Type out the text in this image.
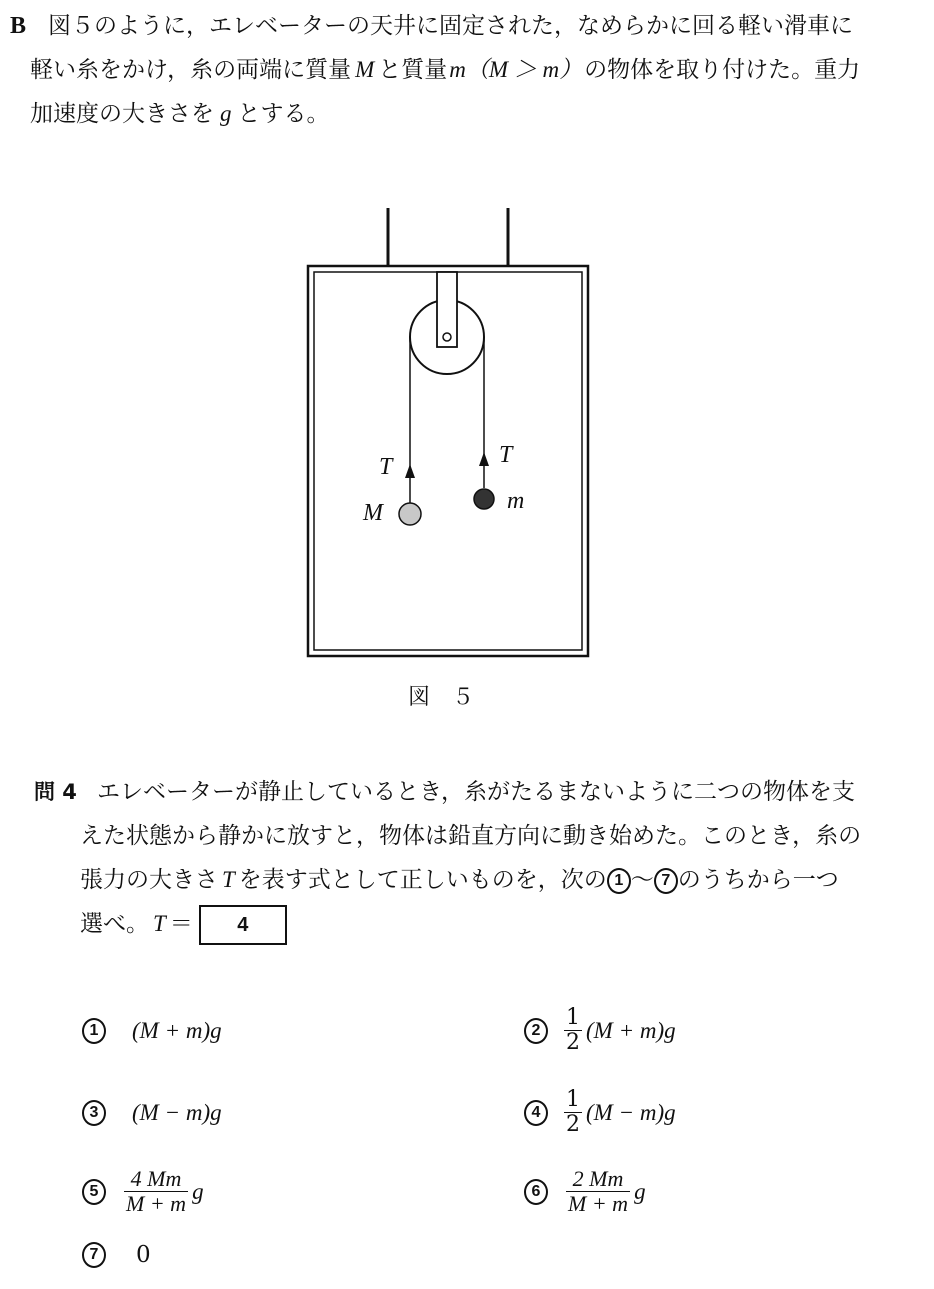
B 図５のように，エレベーターの天井に固定された，なめらかに回る軽い滑車に
軽い糸をかけ，糸の両端に質量 M と質量m（M ＞ m）の物体を取り付けた。重力
加速度の大きさを g とする。
T	T
M	m
図　５
問 4 エレベーターが静止しているとき，糸がたるまないように二つの物体を支
えた状態から静かに放すと，物体は鉛直方向に動き始めた。このとき，糸の
張力の大きさ T を表す式として正しいものを，次の 1 〜 7 のうちから一つ
選べ。 T ＝ 4
1	(M + m)g	2	$\frac{1}{2} (M + m)g$
3	(M − m)g	4	$\frac{1}{2} (M - m)g$
5	$\frac{4 Mm}{M + m}$ g	6	$\frac{2 Mm}{M + m}$ g
7	0
